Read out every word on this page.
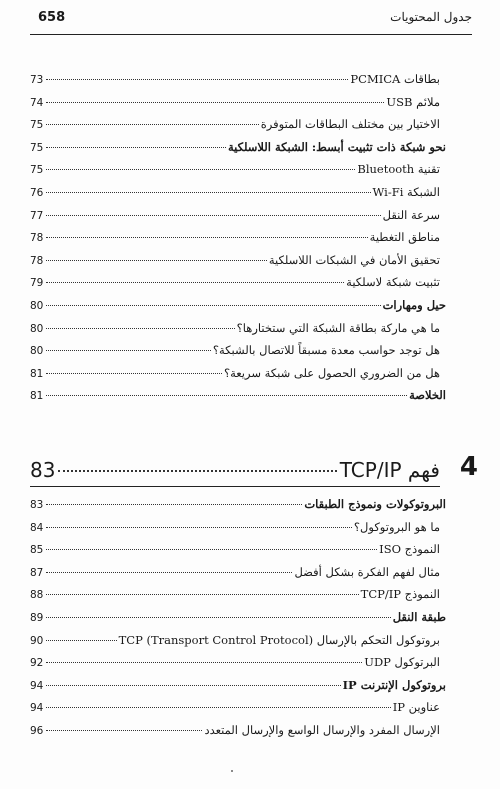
658	جدول المحتويات
73	بطاقات PCMICA
74	ملائم USB
75	الاختيار بين مختلف البطاقات المتوفرة
75	نحو شبكة ذات تثبيت أبسط: الشبكة اللاسلكية
75	تقنية Bluetooth
76	الشبكة Wi-Fi
77	سرعة النقل
78	مناطق التغطية
78	تحقيق الأمان في الشبكات اللاسلكية
79	تثبيت شبكة لاسلكية
80	حيل ومهارات
80	ما هي ماركة بطاقة الشبكة التي ستختارها؟
80	هل توجد حواسب معدة مسبقاً للاتصال بالشبكة؟
81	هل من الضروري الحصول على شبكة سريعة؟
81	الخلاصة
83	فهم TCP/IP 4
83	البروتوكولات ونموذج الطبقات
84	ما هو البروتوكول؟
85	النموذج ISO
87	مثال لفهم الفكرة بشكل أفضل
88	النموذج TCP/IP
89	طبقة النقل
90	بروتوكول التحكم بالإرسال TCP (Transport Control Protocol)
92	البرتوكول UDP
94	بروتوكول الإنترنت IP
94	عناوين IP
96	الإرسال المفرد والإرسال الواسع والإرسال المتعدد
